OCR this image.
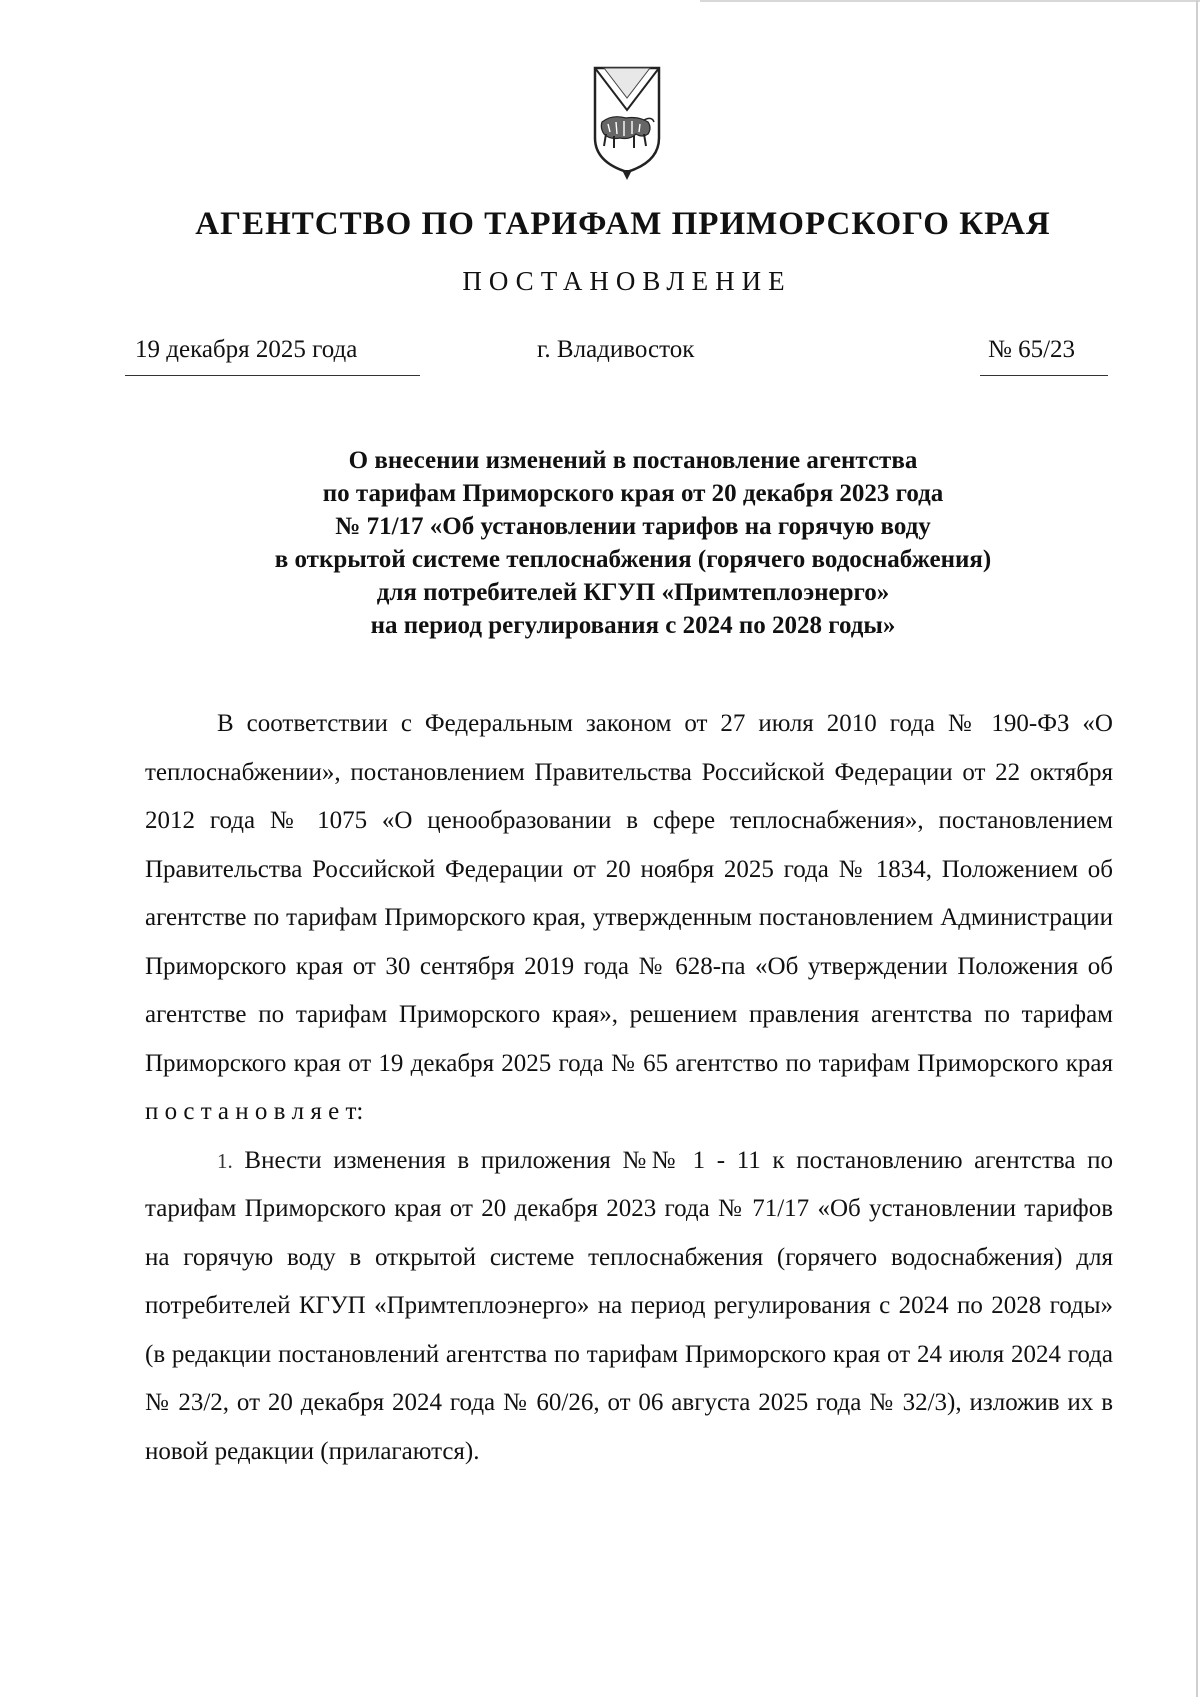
АГЕНТСТВО ПО ТАРИФАМ ПРИМОРСКОГО КРАЯ
ПОСТАНОВЛЕНИЕ
19 декабря 2025 года	г. Владивосток	№ 65/23
О внесении изменений в постановление агентства
по тарифам Приморского края от 20 декабря 2023 года
№ 71/17 «Об установлении тарифов на горячую воду
в открытой системе теплоснабжения (горячего водоснабжения)
для потребителей КГУП «Примтеплоэнерго»
на период регулирования с 2024 по 2028 годы»

В соответствии с Федеральным законом от 27 июля 2010 года № 190-ФЗ «О теплоснабжении», постановлением Правительства Российской Федерации от 22 октября 2012 года № 1075 «О ценообразовании в сфере теплоснабжения», постановлением Правительства Российской Федерации от 20 ноября 2025 года № 1834, Положением об агентстве по тарифам Приморского края, утвержденным постановлением Администрации Приморского края от 30 сентября 2019 года № 628-па «Об утверждении Положения об агентстве по тарифам Приморского края», решением правления агентства по тарифам Приморского края от 19 декабря 2025 года № 65 агентство по тарифам Приморского края п о с т а н о в л я е т:

1. Внести изменения в приложения №№ 1 - 11 к постановлению агентства по тарифам Приморского края от 20 декабря 2023 года № 71/17 «Об установлении тарифов на горячую воду в открытой системе теплоснабжения (горячего водоснабжения) для потребителей КГУП «Примтеплоэнерго» на период регулирования с 2024 по 2028 годы» (в редакции постановлений агентства по тарифам Приморского края от 24 июля 2024 года № 23/2, от 20 декабря 2024 года № 60/26, от 06 августа 2025 года № 32/3), изложив их в новой редакции (прилагаются).
